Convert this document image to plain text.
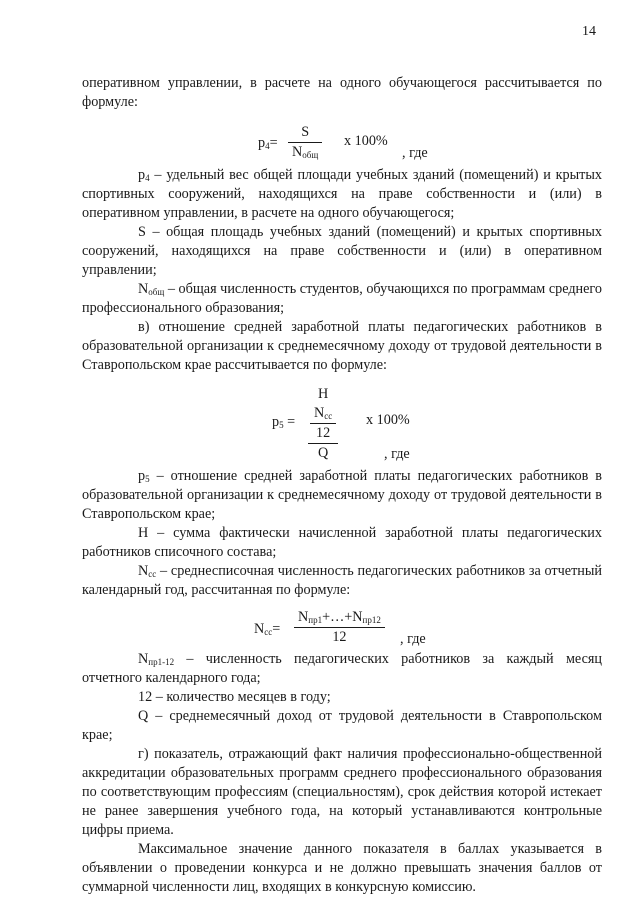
14

оперативном управлении, в расчете на одного обучающегося рассчитывается по формуле:

$р_4=$
S
$N_{общ}$
x 100%
, где

$р_4$ – удельный вес общей площади учебных зданий (помещений) и крытых спортивных сооружений, находящихся на праве собственности и (или) в оперативном управлении, в расчете на одного обучающегося;

S – общая площадь учебных зданий (помещений) и крытых спортивных сооружений, находящихся на праве собственности и (или) в оперативном управлении;

$N_{общ}$ – общая численность студентов, обучающихся по программам среднего профессионального образования;

в) отношение средней заработной платы педагогических работников в образовательной организации к среднемесячному доходу от трудовой деятельности в Ставропольском крае рассчитывается по формуле:

$р_5$ =
Н
$\frac{N_{сс}}{12}$
Q
x 100%
, где

$р_5$ – отношение средней заработной платы педагогических работников в образовательной организации к среднемесячному доходу от трудовой деятельности в Ставропольском крае;

Н – сумма фактически начисленной заработной платы педагогических работников списочного состава;

$N_{сс}$ – среднесписочная численность педагогических работников за отчетный календарный год, рассчитанная по формуле:

$N_{сс}=$
$N_{пр1}+\dots+N_{пр12}$
12	, где

$N_{пр1-12}$ – численность педагогических работников за каждый месяц отчетного календарного года;

12 – количество месяцев в году;

Q – среднемесячный доход от трудовой деятельности в Ставропольском крае;

г) показатель, отражающий факт наличия профессионально-общественной аккредитации образовательных программ среднего профессионального образования по соответствующим профессиям (специальностям), срок действия которой истекает не ранее завершения учебного года, на который устанавливаются контрольные цифры приема.

Максимальное значение данного показателя в баллах указывается в объявлении о проведении конкурса и не должно превышать значения баллов от суммарной численности лиц, входящих в конкурсную комиссию.
